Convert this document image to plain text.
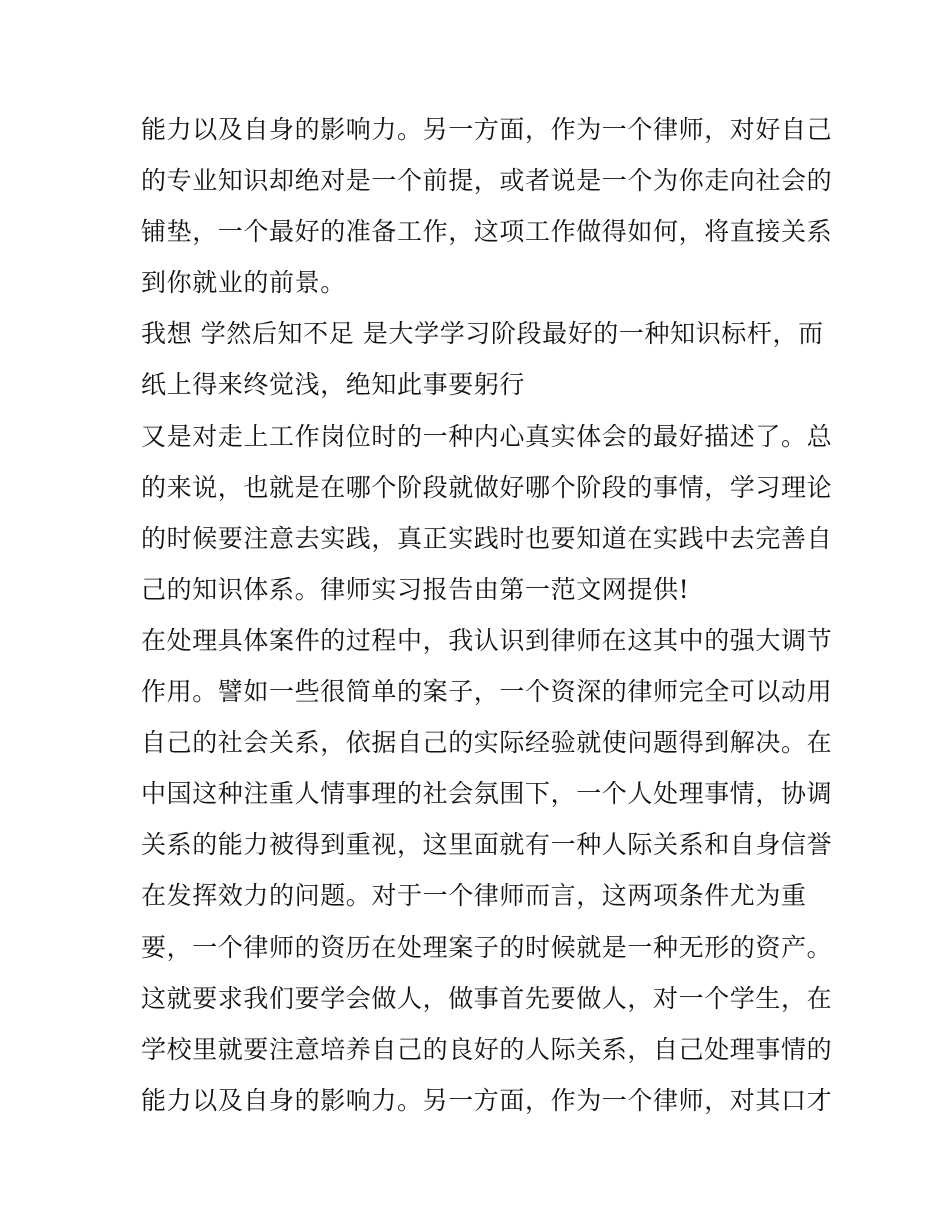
能力以及自身的影响力。另一方面，作为一个律师，对好自己
的专业知识却绝对是一个前提，或者说是一个为你走向社会的
铺垫，一个最好的准备工作，这项工作做得如何，将直接关系
到你就业的前景。
我想 学然后知不足 是大学学习阶段最好的一种知识标杆，而
纸上得来终觉浅，绝知此事要躬行
又是对走上工作岗位时的一种内心真实体会的最好描述了。总
的来说，也就是在哪个阶段就做好哪个阶段的事情，学习理论
的时候要注意去实践，真正实践时也要知道在实践中去完善自
己的知识体系。律师实习报告由第一范文网提供!
在处理具体案件的过程中，我认识到律师在这其中的强大调节
作用。譬如一些很简单的案子，一个资深的律师完全可以动用
自己的社会关系，依据自己的实际经验就使问题得到解决。在
中国这种注重人情事理的社会氛围下，一个人处理事情，协调
关系的能力被得到重视，这里面就有一种人际关系和自身信誉
在发挥效力的问题。对于一个律师而言，这两项条件尤为重
要，一个律师的资历在处理案子的时候就是一种无形的资产。
这就要求我们要学会做人，做事首先要做人，对一个学生，在
学校里就要注意培养自己的良好的人际关系，自己处理事情的
能力以及自身的影响力。另一方面，作为一个律师，对其口才
